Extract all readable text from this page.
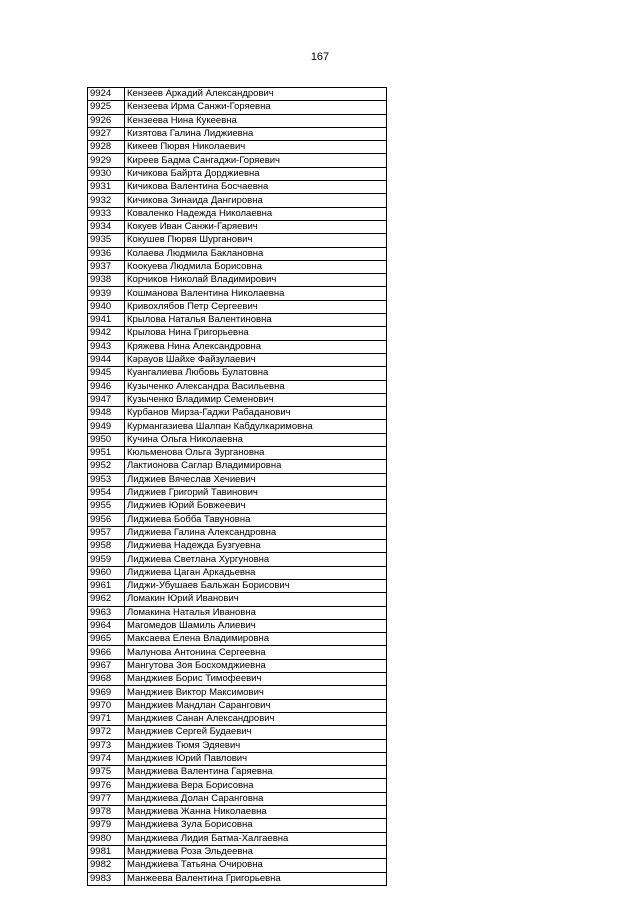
167
9924	Кензеев Аркадий Александрович
9925	Кензеева Ирма Санжи-Горяевна
9926	Кензеева Нина Кукеевна
9927	Кизятова Галина Лиджиевна
9928	Кикеев Пюрвя Николаевич
9929	Киреев Бадма Сангаджи-Горяевич
9930	Кичикова Байрта Дорджиевна
9931	Кичикова Валентина Босчаевна
9932	Кичикова Зинаида Дангировна
9933	Коваленко Надежда Николаевна
9934	Кокуев Иван Санжи-Гаряевич
9935	Кокушев Пюрвя Шурганович
9936	Колаева Людмила Баклановна
9937	Коокуева Людмила Борисовна
9938	Корчиков Николай Владимирович
9939	Кошманова Валентина Николаевна
9940	Кривохлябов Петр Сергеевич
9941	Крылова Наталья Валентиновна
9942	Крылова Нина Григорьевна
9943	Кряжева Нина Александровна
9944	Кәрауов Шайхе Файзулаевич
9945	Куангалиева Любовь Булатовна
9946	Кузыченко Александра Васильевна
9947	Кузыченко Владимир Семенович
9948	Курбанов Мирза-Гаджи Рабаданович
9949	Курмангазиева Шалпан Кабдулкаримовна
9950	Кучина Ольга Николаевна
9951	Кюльменова Ольга Зургановна
9952	Лактионова Саглар Владимировна
9953	Лиджиев Вячеслав Хечиевич
9954	Лиджиев Григорий Тавинович
9955	Лиджиев Юрий Бовжеевич
9956	Лиджиева Бобба Тавуновна
9957	Лиджиева Галина Александровна
9958	Лиджиева Надежда Бузгуевна
9959	Лиджиева Светлана Хургуновна
9960	Лиджиева Цаган Аркадьевна
9961	Лиджи-Убушаев Бальжан Борисович
9962	Ломакин Юрий Иванович
9963	Ломакина Наталья Ивановна
9964	Магомедов Шамиль Алиевич
9965	Максаева Елена Владимировна
9966	Малунова Антонина Сергеевна
9967	Мангутова Зоя Босхомджиевна
9968	Манджиев Борис Тимофеевич
9969	Манджиев Виктор Максимович
9970	Манджиев Мандлан Сарангович
9971	Манджиев Санан Александрович
9972	Манджиев Сергей Будаевич
9973	Манджиев Тюмя Эдяевич
9974	Манджиев Юрий Павлович
9975	Манджиева Валентина Гаряевна
9976	Манджиева Вера Борисовна
9977	Манджиева Долан Саранговна
9978	Манджиева Жанна Николаевна
9979	Манджиева Зула Борисовна
9980	Манджиева Лидия Батма-Халгаевна
9981	Манджиева Роза Эльдеевна
9982	Манджиева Татьяна Очировна
9983	Манжеева Валентина Григорьевна
